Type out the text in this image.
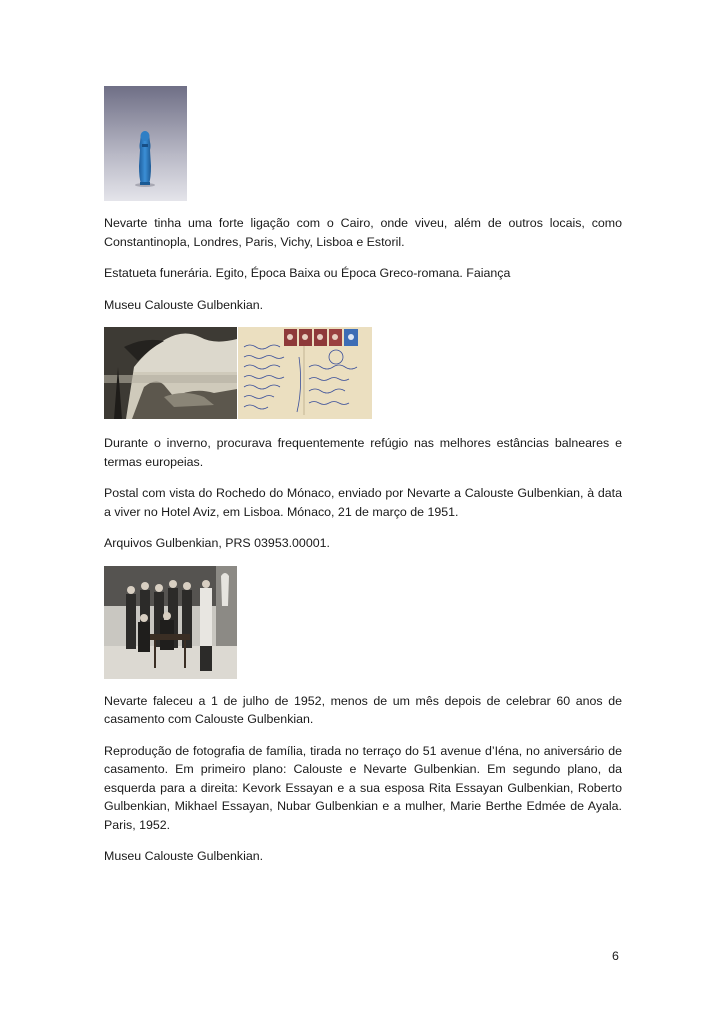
Nevarte tinha uma forte ligação com o Cairo, onde viveu, além de outros locais, como Constantinopla, Londres, Paris, Vichy, Lisboa e Estoril.

Estatueta funerária. Egito, Época Baixa ou Época Greco-romana. Faiança

Museu Calouste Gulbenkian.

Durante o inverno, procurava frequentemente refúgio nas melhores estâncias balneares e termas europeias.

Postal com vista do Rochedo do Mónaco, enviado por Nevarte a Calouste Gulbenkian, à data a viver no Hotel Aviz, em Lisboa. Mónaco, 21 de março de 1951.

Arquivos Gulbenkian, PRS 03953.00001.

Nevarte faleceu a 1 de julho de 1952, menos de um mês depois de celebrar 60 anos de casamento com Calouste Gulbenkian.

Reprodução de fotografia de família, tirada no terraço do 51 avenue d’Iéna, no aniversário de casamento. Em primeiro plano: Calouste e Nevarte Gulbenkian. Em segundo plano, da esquerda para a direita: Kevork Essayan e a sua esposa Rita Essayan Gulbenkian, Roberto Gulbenkian, Mikhael Essayan, Nubar Gulbenkian e a mulher, Marie Berthe Edmée de Ayala. Paris, 1952.

Museu Calouste Gulbenkian.

6
